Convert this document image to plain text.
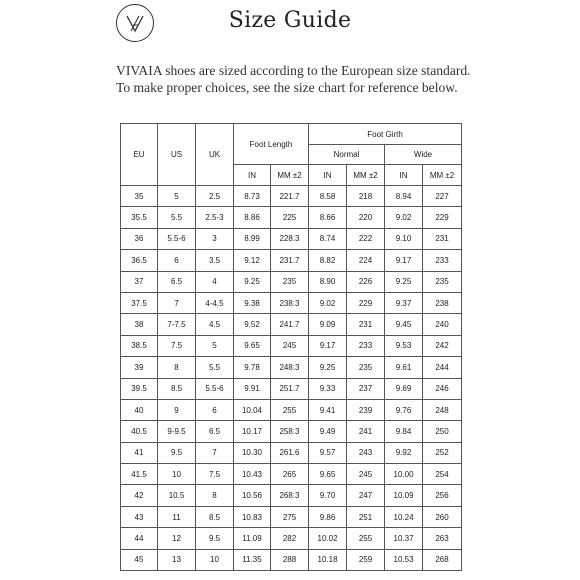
Size Guide
VIVAIA shoes are sized according to the European size standard.
To make proper choices, see the size chart for reference below.
EU	US	UK	Foot Length		Foot Girth			
					Normal		Wide	
			IN	MM ±2	IN	MM ±2	IN	MM ±2
35	5	2.5	8.73	221.7	8.58	218	8.94	227
35.5	5.5	2.5-3	8.86	225	8.66	220	9.02	229
36	5.5-6	3	8.99	228.3	8.74	222	9.10	231
36.5	6	3.5	9.12	231.7	8.82	224	9.17	233
37	6.5	4	9.25	235	8.90	226	9.25	235
37.5	7	4-4.5	9.38	238.3	9.02	229	9.37	238
38	7-7.5	4.5	9.52	241.7	9.09	231	9.45	240
38.5	7.5	5	9.65	245	9.17	233	9.53	242
39	8	5.5	9.78	248.3	9.25	235	9.61	244
39.5	8.5	5.5-6	9.91	251.7	9.33	237	9.69	246
40	9	6	10.04	255	9.41	239	9.76	248
40.5	9-9.5	6.5	10.17	258.3	9.49	241	9.84	250
41	9.5	7	10.30	261.6	9.57	243	9.92	252
41.5	10	7.5	10.43	265	9.65	245	10.00	254
42	10.5	8	10.56	268.3	9.70	247	10.09	256
43	11	8.5	10.83	275	9.86	251	10.24	260
44	12	9.5	11.09	282	10.02	255	10.37	263
45	13	10	11.35	288	10.18	259	10.53	268
